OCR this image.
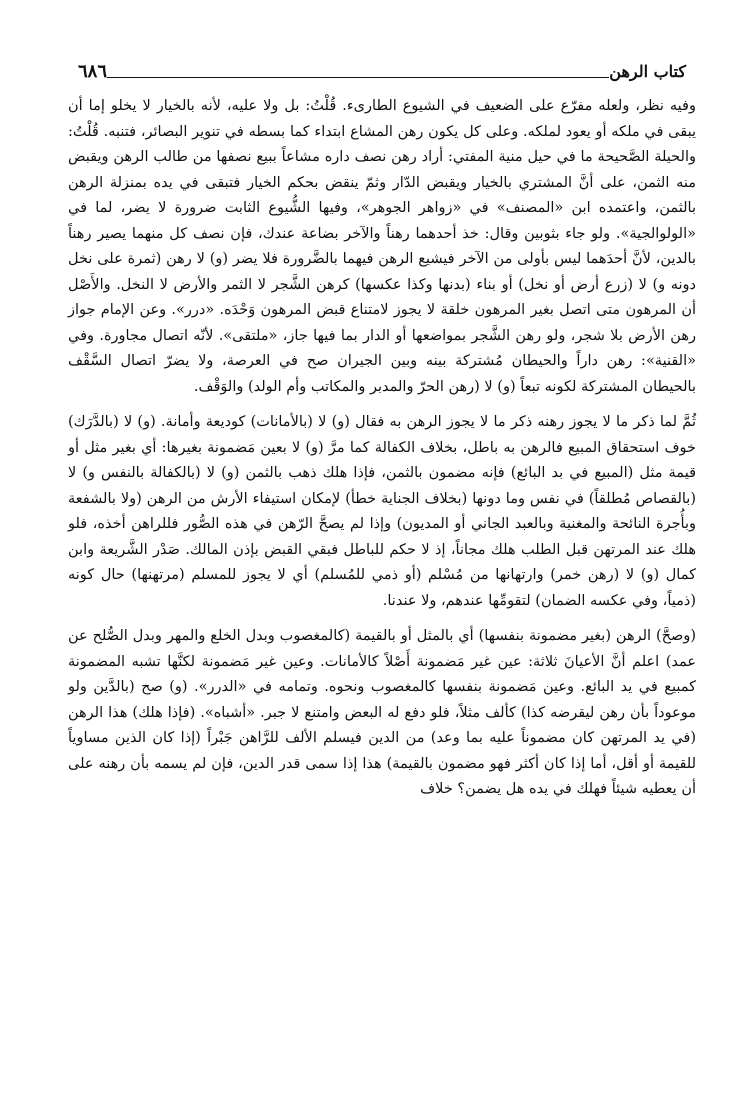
كتاب الرهن
٦٨٦

وفيه نظر، ولعله مفرّع على الضعيف في الشيوع الطارىء. قُلْتُ: بل ولا عليه، لأنه بالخيار لا يخلو إما أن يبقى في ملكه أو يعود لملكه. وعلى كل يكون رهن المشاع ابتداء كما بسطه في تنوير البصائر، فتنبه. قُلْتُ: والحيلة الصَّحيحة ما في حيل منية المفتي: أراد رهن نصف داره مشاعاً ببيع نصفها من طالب الرهن ويقبض منه الثمن، على أنَّ المشتري بالخيار ويقبض الدّار وثمّ ينقض بحكم الخيار فتبقى في يده بمنزلة الرهن بالثمن، واعتمده ابن «المصنف» في «زواهر الجوهر»، وفيها الشُّيوع الثابت ضرورة لا يضر، لما في «الولوالجية». ولو جاء بثوبين وقال: خذ أحدهما رهناً والآخر بضاعة عندك، فإن نصف كل منهما يصير رهناً بالدين، لأنَّ أحدَهما ليس بأولى من الآخر فيشيع الرهن فيهما بالضَّرورة فلا يضر (و) لا رهن (ثمرة على نخل دونه و) لا (زرع أرض أو نخل) أو بناء (بدنها وكذا عكسها) كرهن الشَّجر لا الثمر والأرض لا النخل. والأَصْل أن المرهون متى اتصل بغير المرهون خلقة لا يجوز لامتناع قبض المرهون وَحْدَه. «درر». وعن الإمام جواز رهن الأرض بلا شجر، ولو رهن الشَّجر بمواضعها أو الدار بما فيها جاز، «ملتقى». لأنّه اتصال مجاورة. وفي «القنية»: رهن داراً والحيطان مُشتركة بينه وبين الجيران صح في العرصة، ولا يضرّ اتصال السَّقْف بالحيطان المشتركة لكونه تبعاً (و) لا (رهن الحرّ والمدبر والمكاتب وأم الولد) والوَقْف.

ثُمَّ لما ذكر ما لا يجوز رهنه ذكر ما لا يجوز الرهن به فقال (و) لا (بالأمانات) كوديعة وأمانة. (و) لا (بالدَّرَك) خوف استحقاق المبيع فالرهن به باطل، بخلاف الكفالة كما مرَّ (و) لا بعين مَضمونة بغيرها: أي بغير مثل أو قيمة مثل (المبيع في بد البائع) فإنه مضمون بالثمن، فإذا هلك ذهب بالثمن (و) لا (بالكفالة بالنفس و) لا (بالقصاص مُطلقاً) في نفس وما دونها (بخلاف الجناية خطأ) لإمكان استيفاء الأرش من الرهن (ولا بالشفعة وبأُجرة النائحة والمغنية وبالعبد الجاني أو المديون) وإذا لم يصحَّ الرّهن في هذه الصُّور فللراهن أخذه، فلو هلك عند المرتهن قبل الطلب هلك مجاناً، إذ لا حكم للباطل فبقي القبض بإذن المالك. صَدْر الشَّريعة وابن كمال (و) لا (رهن خمر) وارتهانها من مُسْلم (أو ذمي للمُسلم) أي لا يجوز للمسلم (مرتهنها) حال كونه (ذمياً، وفي عكسه الضمان) لتقومِّها عندهم، ولا عندنا.

(وصحَّ) الرهن (بغير مضمونة بنفسها) أي بالمثل أو بالقيمة (كالمغصوب وبدل الخلع والمهر وبدل الصُّلح عن عمد) اعلم أنَّ الأعيانَ ثلاثة: عين غير مَضمونة أَصْلاً كالأمانات. وعين غير مَضمونة لكنَّها تشبه المضمونة كمبيع في يد البائع. وعين مَضمونة بنفسها كالمغصوب ونحوه. وتمامه في «الدرر». (و) صح (بالدَّين ولو موعوداً بأن رهن ليقرضه كذا) كألف مثلاً، فلو دفع له البعض وامتنع لا جبر. «أشباه». (فإذا هلك) هذا الرهن (في يد المرتهن كان مضموناً عليه بما وعد) من الدين فيسلم الألف للرَّاهن جَبْراً (إذا كان الذين مساوياً للقيمة أو أقل، أما إذا كان أكثر فهو مضمون بالقيمة) هذا إذا سمى قدر الدين، فإن لم يسمه بأن رهنه على أن يعطيه شيئاً فهلك في يده هل يضمن؟ خلاف
